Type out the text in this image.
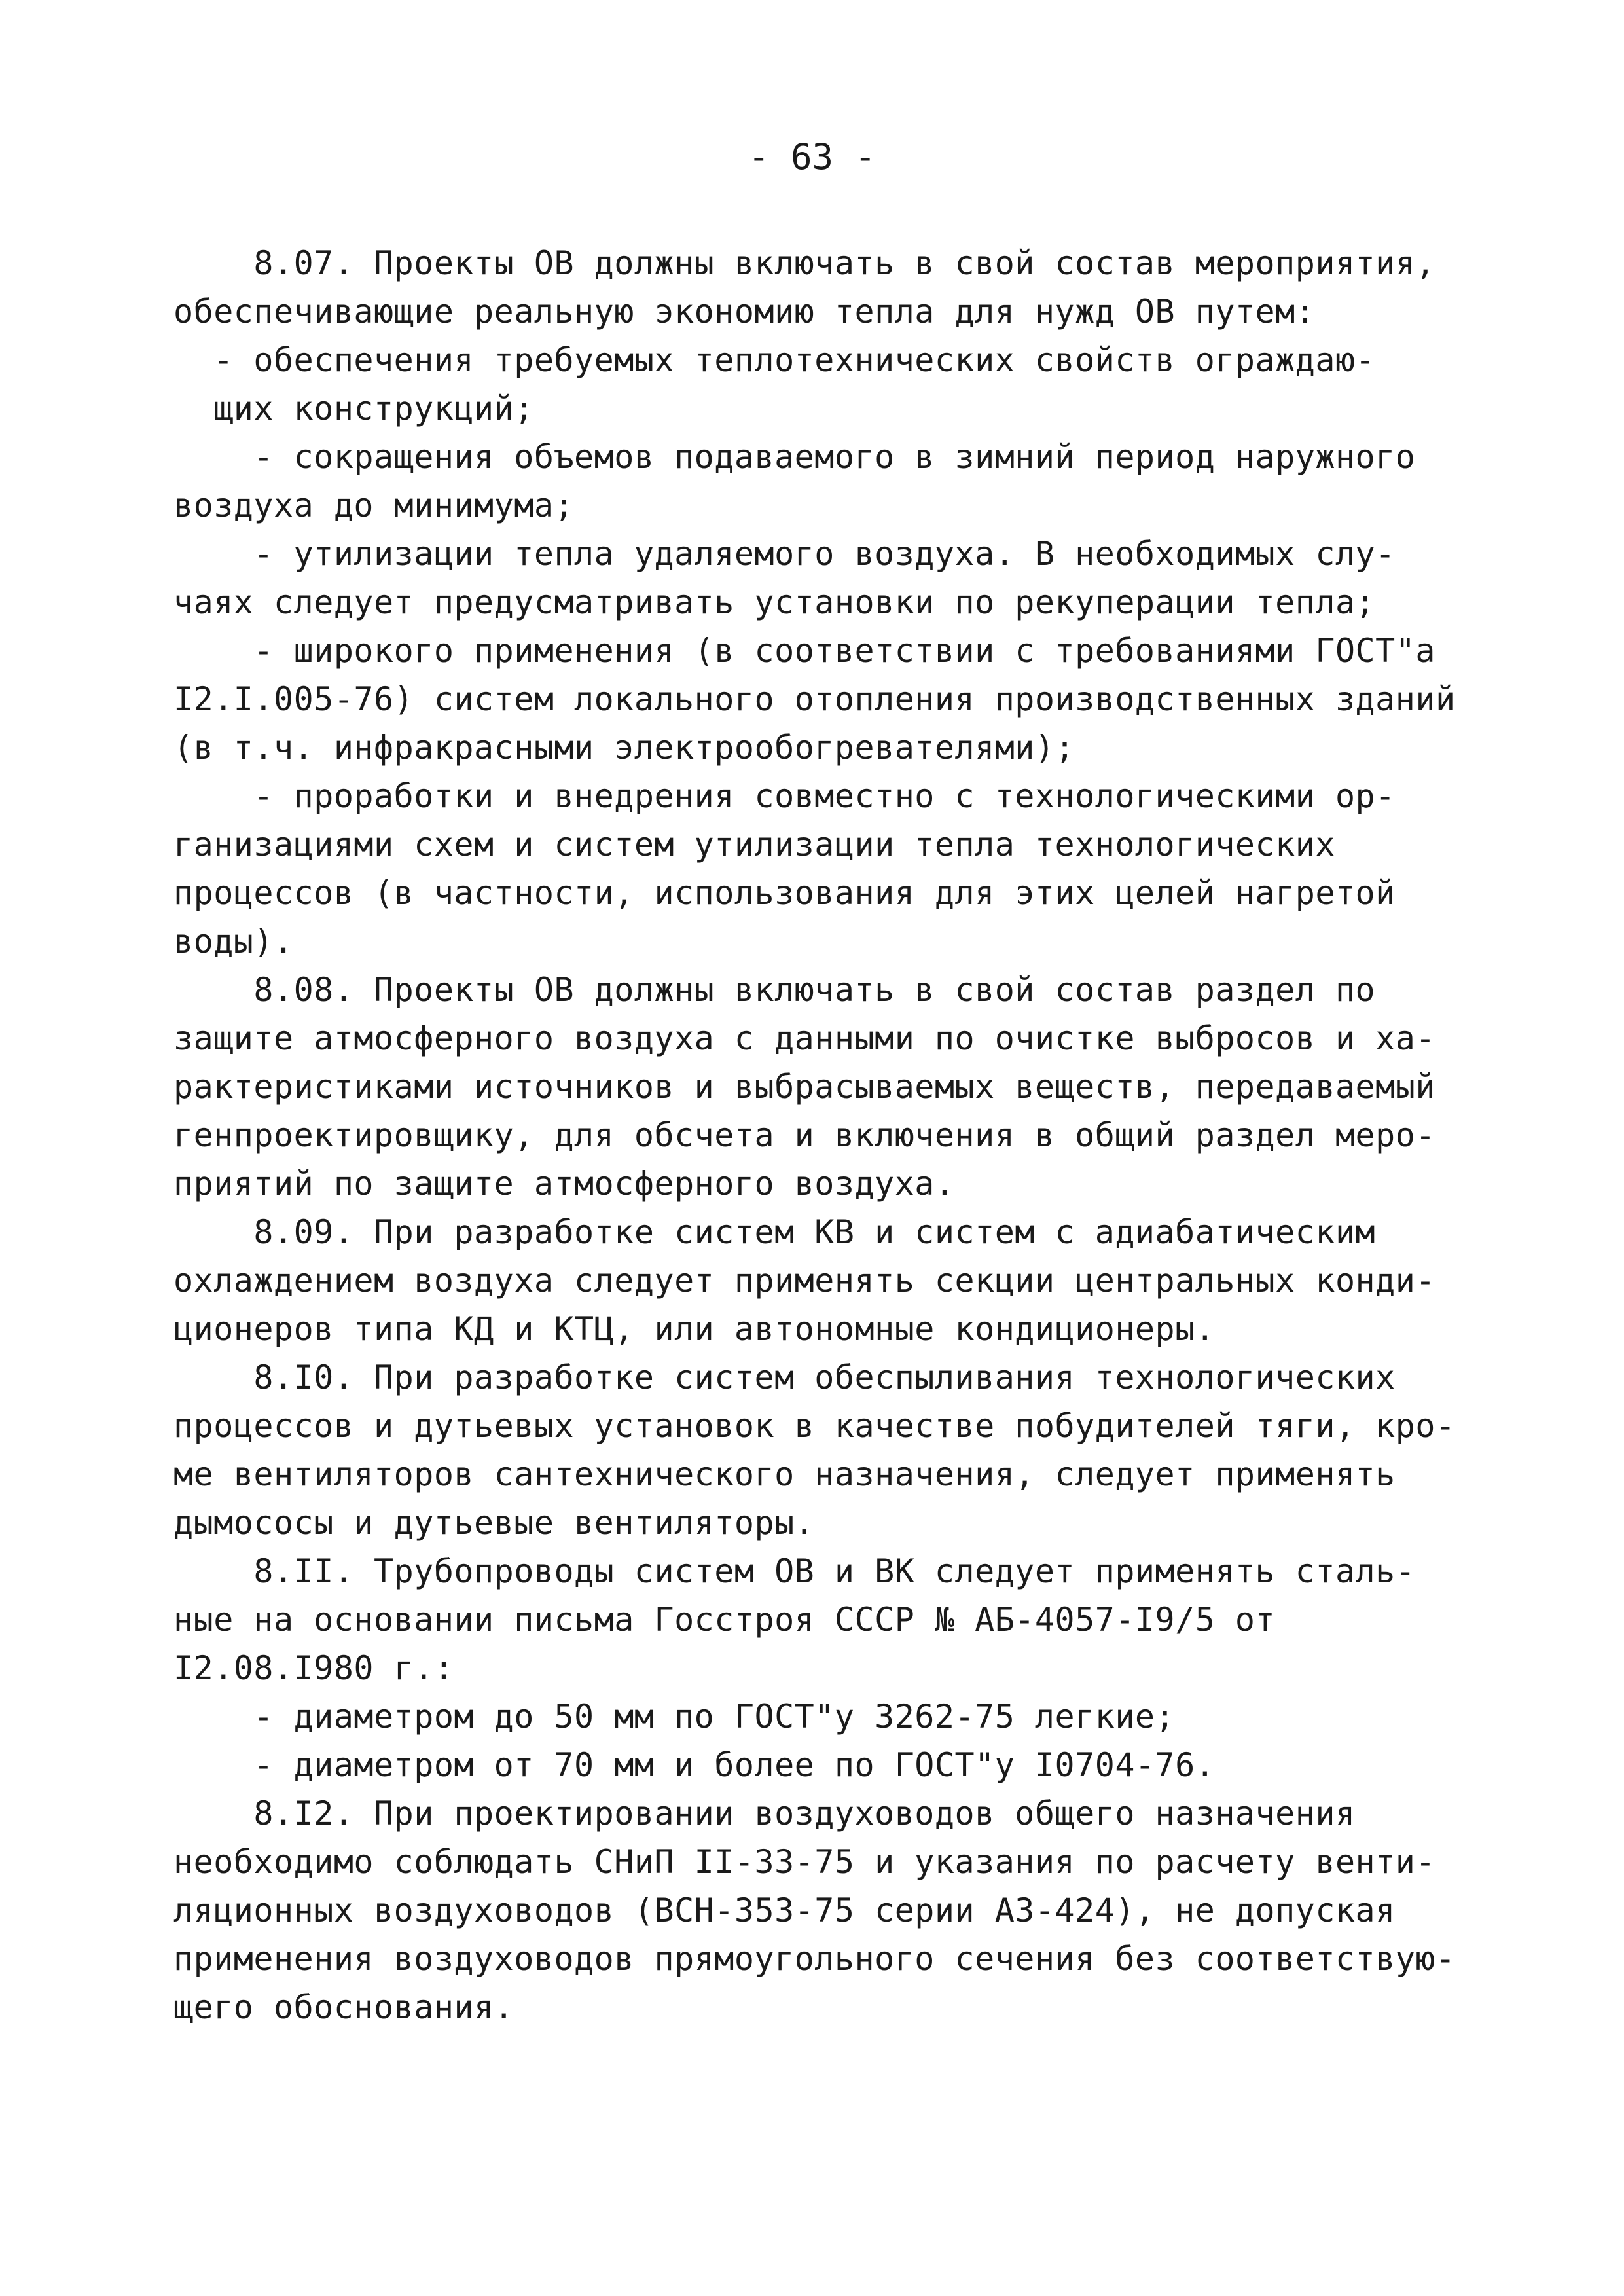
- 63 -
8.07. Проекты ОВ должны включать в свой состав мероприятия,
обеспечивающие реальную экономию тепла для нужд ОВ путем:
- обеспечения требуемых теплотехнических свойств ограждаю-
щих конструкций;
- сокращения объемов подаваемого в зимний период наружного
воздуха до минимума;
- утилизации тепла удаляемого воздуха. В необходимых слу-
чаях следует предусматривать установки по рекуперации тепла;
- широкого применения (в соответствии с требованиями ГОСТ"а
I2.I.005-76) систем локального отопления производственных зданий
(в т.ч. инфракрасными электрообогревателями);
- проработки и внедрения совместно с технологическими ор-
ганизациями схем и систем утилизации тепла технологических
процессов (в частности, использования для этих целей нагретой
воды).
8.08. Проекты ОВ должны включать в свой состав раздел по
защите атмосферного воздуха с данными по очистке выбросов и ха-
рактеристиками источников и выбрасываемых веществ, передаваемый
генпроектировщику, для обсчета и включения в общий раздел меро-
приятий по защите атмосферного воздуха.
8.09. При разработке систем КВ и систем с адиабатическим
охлаждением воздуха следует применять секции центральных конди-
ционеров типа КД и КТЦ, или автономные кондиционеры.
8.I0. При разработке систем обеспыливания технологических
процессов и дутьевых установок в качестве побудителей тяги, кро-
ме вентиляторов сантехнического назначения, следует применять
дымососы и дутьевые вентиляторы.
8.II. Трубопроводы систем ОВ и ВК следует применять сталь-
ные на основании письма Госстроя СССР № АБ-4057-I9/5 от
I2.08.I980 г.:
- диаметром до 50 мм по ГОСТ"у 3262-75 легкие;
- диаметром от 70 мм и более по ГОСТ"у I0704-76.
8.I2. При проектировании воздуховодов общего назначения
необходимо соблюдать СНиП II-33-75 и указания по расчету венти-
ляционных воздуховодов (ВСН-353-75 серии АЗ-424), не допуская
применения воздуховодов прямоугольного сечения без соответствую-
щего обоснования.
